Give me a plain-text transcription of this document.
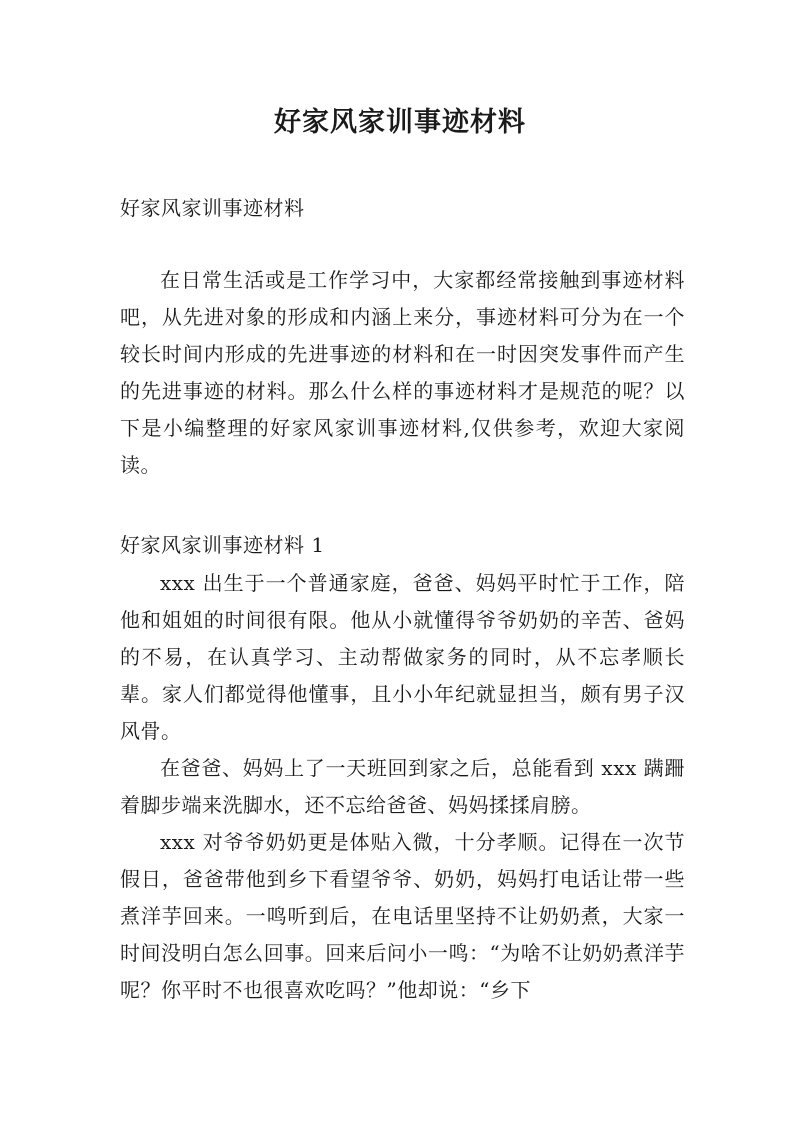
好家风家训事迹材料
好家风家训事迹材料

在日常生活或是工作学习中，大家都经常接触到事迹材料吧，从先进对象的形成和内涵上来分，事迹材料可分为在一个较长时间内形成的先进事迹的材料和在一时因突发事件而产生的先进事迹的材料。那么什么样的事迹材料才是规范的呢？以下是小编整理的好家风家训事迹材料,仅供参考，欢迎大家阅读。

好家风家训事迹材料 1

xxx 出生于一个普通家庭，爸爸、妈妈平时忙于工作，陪他和姐姐的时间很有限。他从小就懂得爷爷奶奶的辛苦、爸妈的不易，在认真学习、主动帮做家务的同时，从不忘孝顺长辈。家人们都觉得他懂事，且小小年纪就显担当，颇有男子汉风骨。

在爸爸、妈妈上了一天班回到家之后，总能看到 xxx 蹒跚着脚步端来洗脚水，还不忘给爸爸、妈妈揉揉肩膀。

xxx 对爷爷奶奶更是体贴入微，十分孝顺。记得在一次节假日，爸爸带他到乡下看望爷爷、奶奶，妈妈打电话让带一些煮洋芋回来。一鸣听到后，在电话里坚持不让奶奶煮，大家一时间没明白怎么回事。回来后问小一鸣：“为啥不让奶奶煮洋芋呢？你平时不也很喜欢吃吗？”他却说：“乡下
